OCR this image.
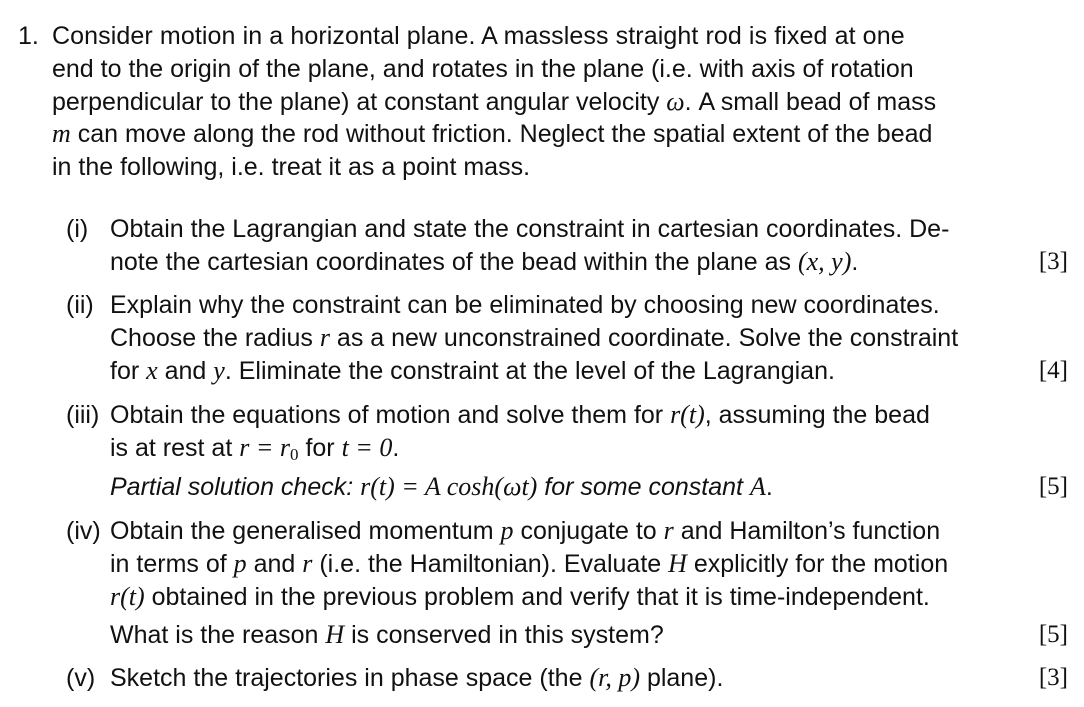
1. Consider motion in a horizontal plane. A massless straight rod is fixed at one
end to the origin of the plane, and rotates in the plane (i.e. with axis of rotation
perpendicular to the plane) at constant angular velocity ω. A small bead of mass
m can move along the rod without friction. Neglect the spatial extent of the bead
in the following, i.e. treat it as a point mass.
(i) Obtain the Lagrangian and state the constraint in cartesian coordinates. De-
note the cartesian coordinates of the bead within the plane as (x, y).	[3]
(ii) Explain why the constraint can be eliminated by choosing new coordinates.
Choose the radius r as a new unconstrained coordinate. Solve the constraint
for x and y. Eliminate the constraint at the level of the Lagrangian.	[4]
(iii) Obtain the equations of motion and solve them for r(t), assuming the bead
is at rest at $r = r_0$ for t = 0.
Partial solution check: r(t) = A cosh(ωt) for some constant A.	[5]
(iv) Obtain the generalised momentum p conjugate to r and Hamilton’s function
in terms of p and r (i.e. the Hamiltonian). Evaluate H explicitly for the motion
r(t) obtained in the previous problem and verify that it is time-independent.
What is the reason H is conserved in this system?	[5]
(v) Sketch the trajectories in phase space (the (r, p) plane).	[3]
